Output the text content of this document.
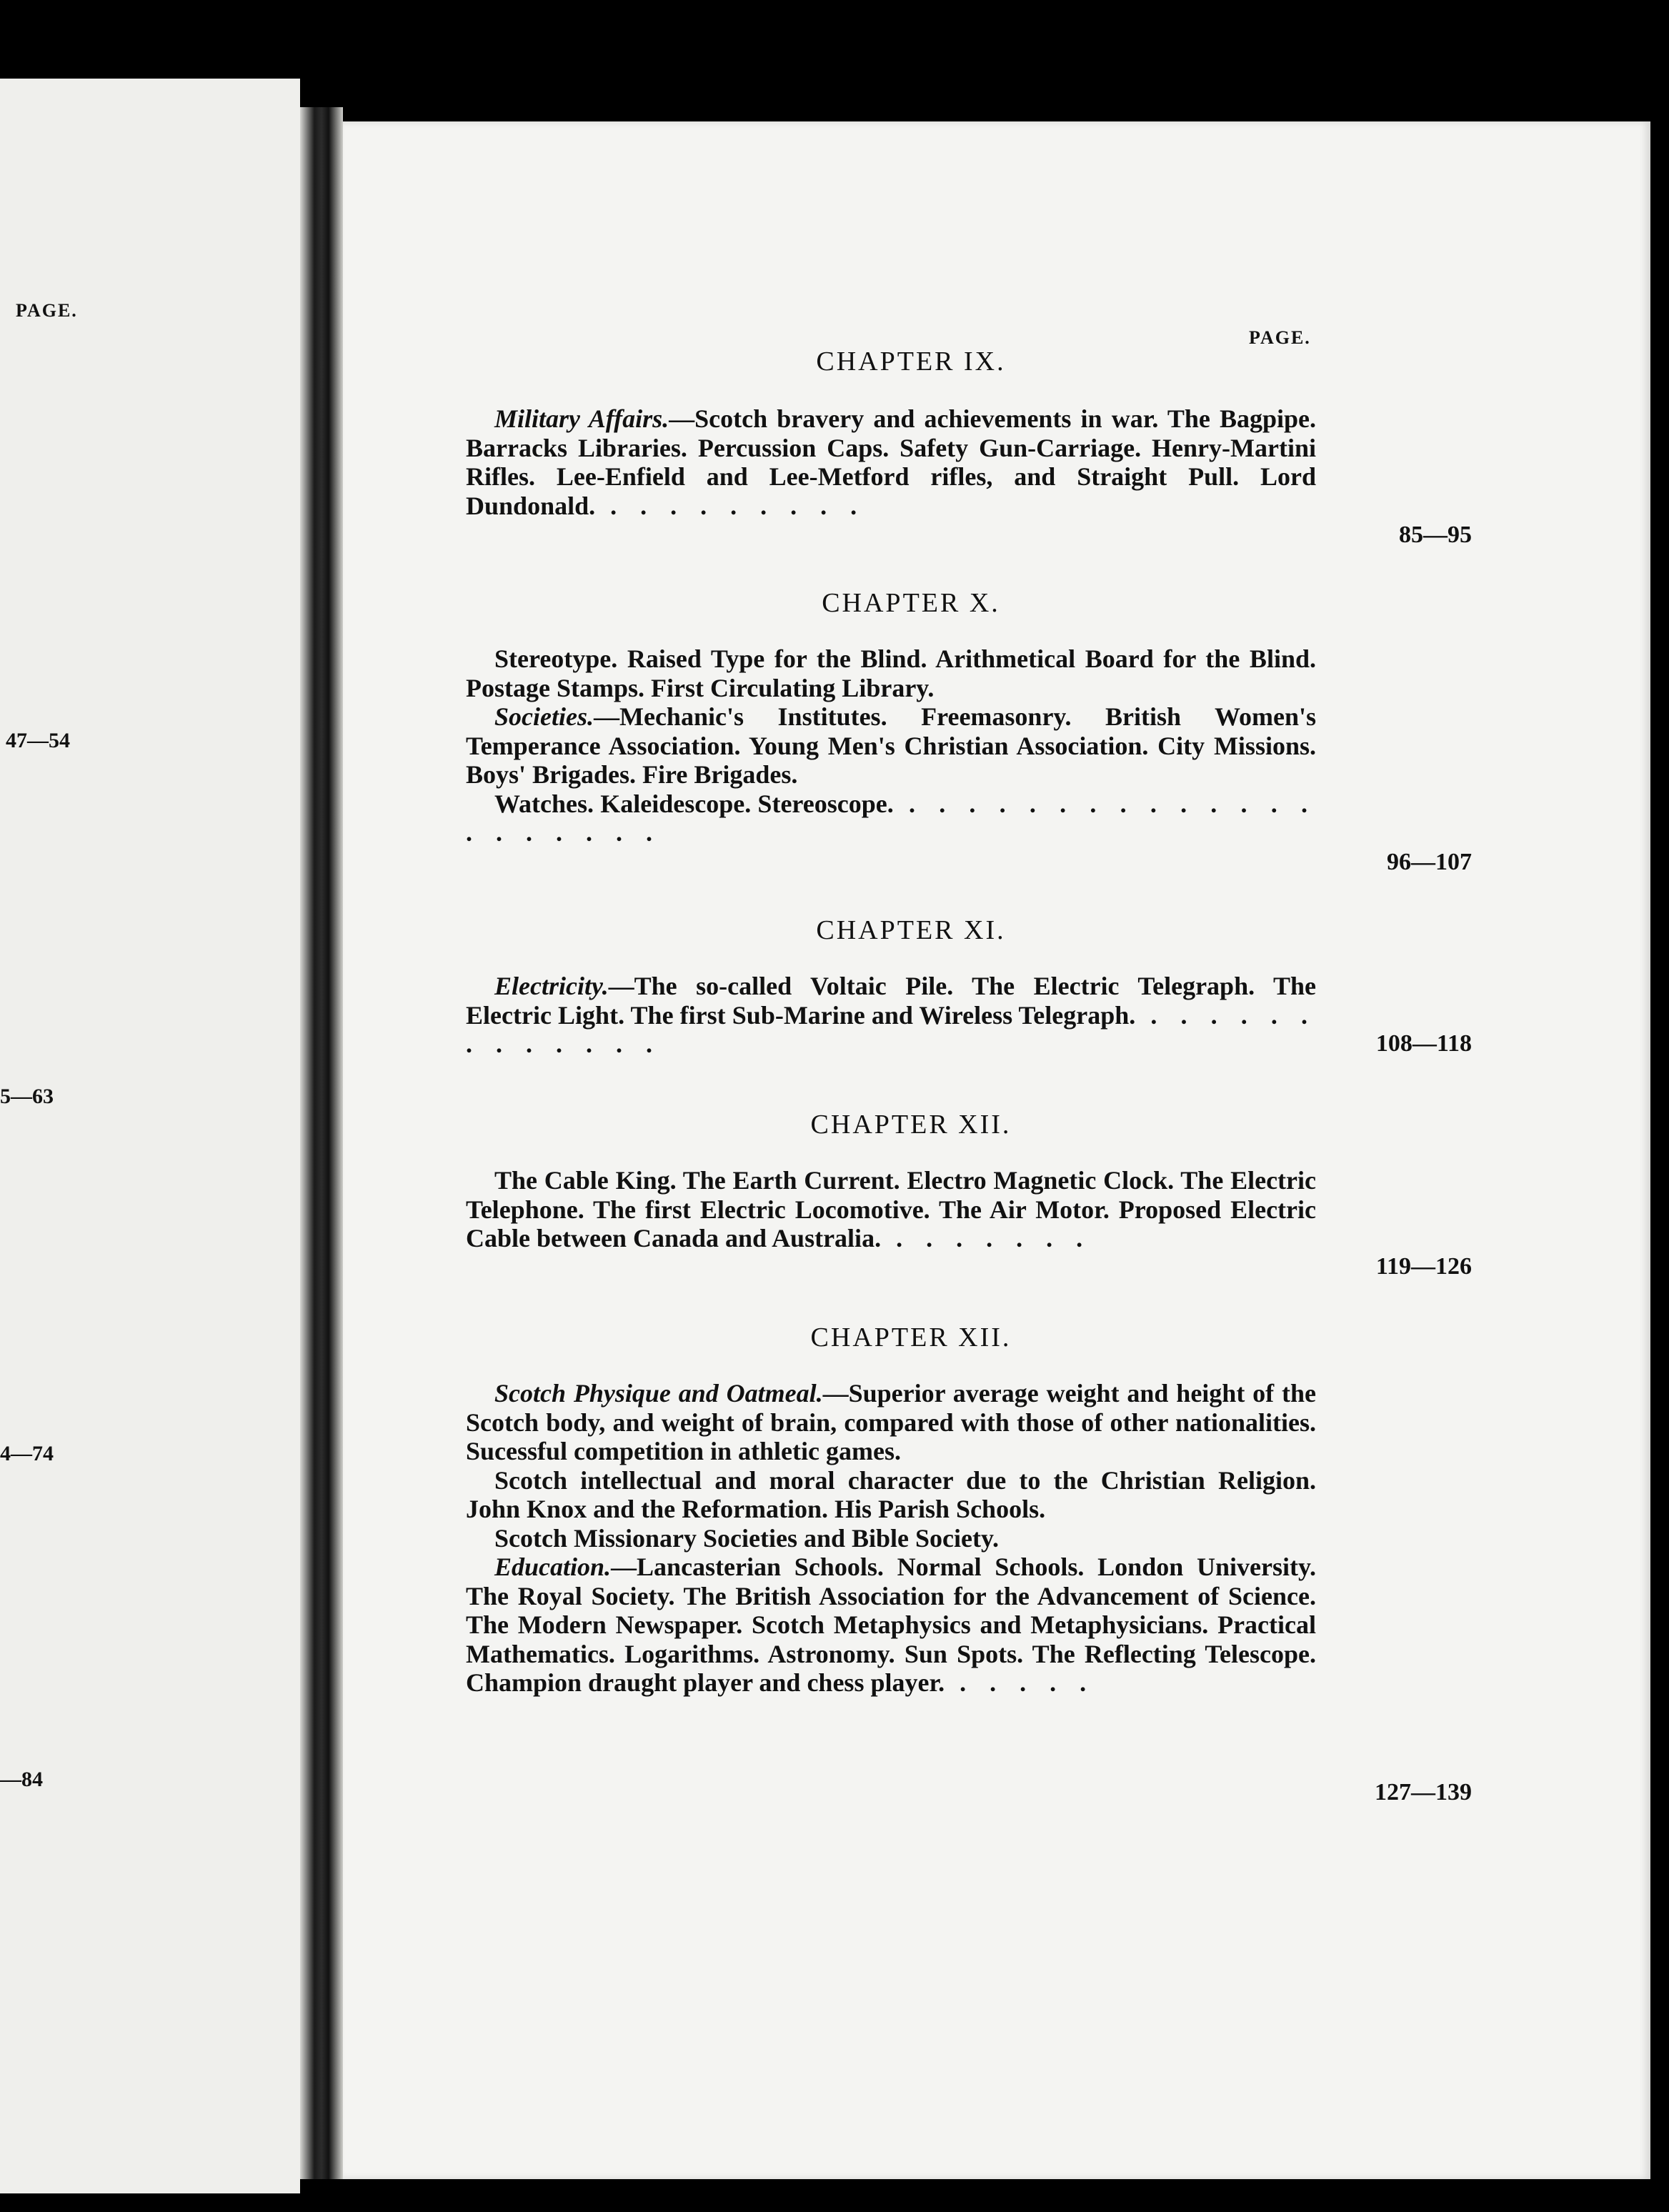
PAGE.
47—54
5—63
4—74
—84
PAGE.
CHAPTER IX.

Military Affairs.—Scotch bravery and achievements in war. The Bagpipe. Barracks Libraries. Percussion Caps. Safety Gun-Carriage. Henry-Martini Rifles. Lee-Enfield and Lee-Metford rifles, and Straight Pull. Lord Dundonald. . . . . . . . . .

85—95
CHAPTER X.

Stereotype. Raised Type for the Blind. Arithmetical Board for the Blind. Postage Stamps. First Circulating Library.

Societies.—Mechanic's Institutes. Freemasonry. British Women's Temperance Association. Young Men's Christian Association. City Missions. Boys' Brigades. Fire Brigades.

Watches. Kaleidescope. Stereoscope. . . . . . . . . . . . . . . . . . . . . .

96—107
CHAPTER XI.

Electricity.—The so-called Voltaic Pile. The Electric Telegraph. The Electric Light. The first Sub-Marine and Wireless Telegraph. . . . . . . . . . . . . .	108—118
CHAPTER XII.

The Cable King. The Earth Current. Electro Magnetic Clock. The Electric Telephone. The first Electric Locomotive. The Air Motor. Proposed Electric Cable between Canada and Australia. . . . . . . .

119—126
CHAPTER XII.

Scotch Physique and Oatmeal.—Superior average weight and height of the Scotch body, and weight of brain, compared with those of other nationalities. Sucessful competition in athletic games.

Scotch intellectual and moral character due to the Christian Religion. John Knox and the Reformation. His Parish Schools.

Scotch Missionary Societies and Bible Society.

Education.—Lancasterian Schools. Normal Schools. London University. The Royal Society. The British Association for the Advancement of Science. The Modern Newspaper. Scotch Metaphysics and Metaphysicians. Practical Mathematics. Logarithms. Astronomy. Sun Spots. The Reflecting Telescope. Champion draught player and chess player. . . . . .

127—139
